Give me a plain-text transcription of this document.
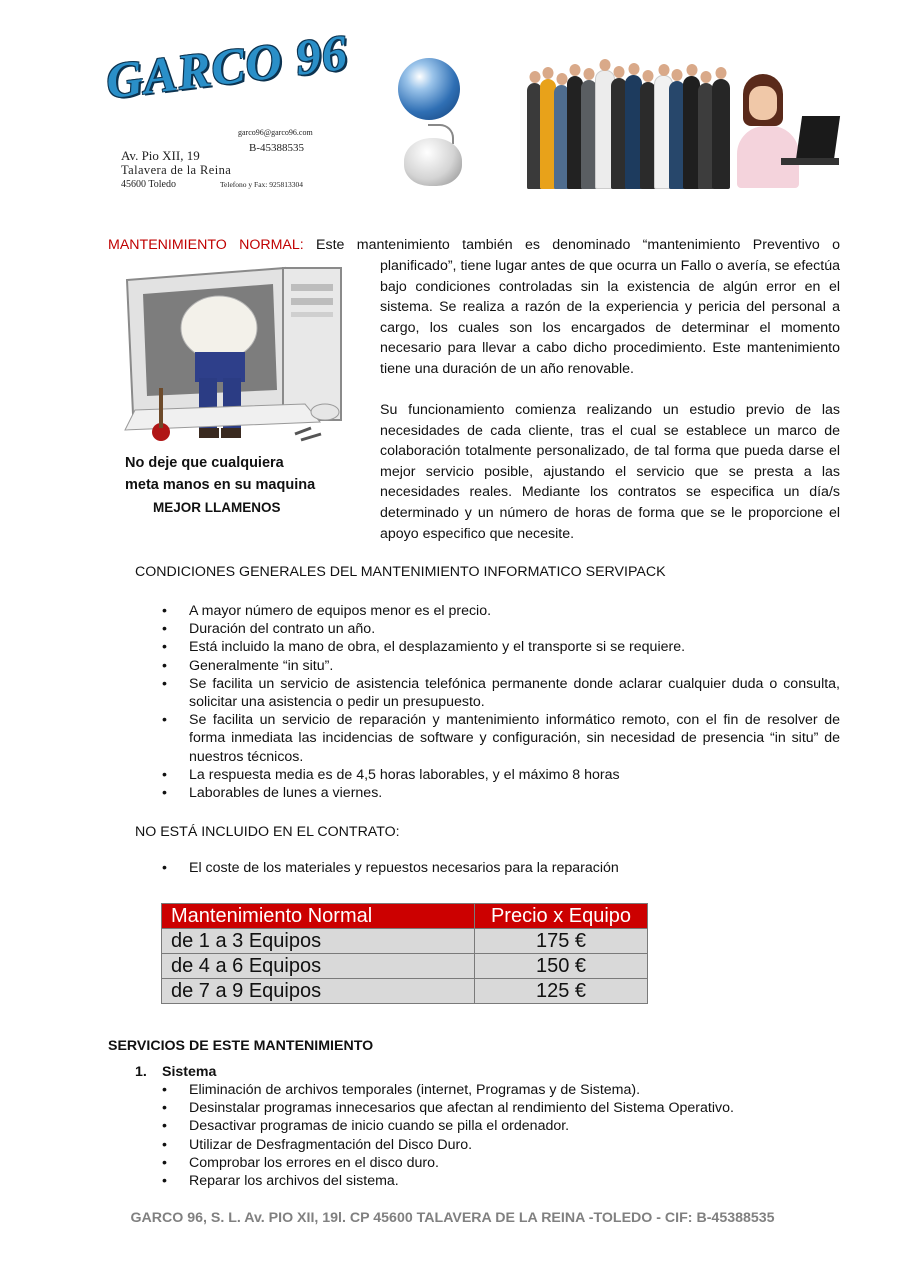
GARCO 96
garco96@garco96.com
B-45388535
Av. Pio XII, 19
Talavera de la Reina
45600 Toledo	Telefono y Fax: 925813304
No deje que cualquiera
meta manos en su maquina
MEJOR LLAMENOS
MANTENIMIENTO NORMAL: Este mantenimiento también es denominado “mantenimiento Preventivo o
planificado”, tiene lugar antes de que ocurra un Fallo o avería, se efectúa bajo condiciones controladas sin la existencia de algún error en el sistema. Se realiza a razón de la experiencia y pericia del personal a cargo, los cuales son los encargados de determinar el momento necesario para llevar a cabo dicho procedimiento. Este mantenimiento tiene una duración de un año renovable.
Su funcionamiento comienza realizando un estudio previo de las necesidades de cada cliente, tras el cual se establece un marco de colaboración totalmente personalizado, de tal forma que pueda darse el mejor servicio posible, ajustando el servicio que se presta a las necesidades reales. Mediante los contratos se especifica un día/s determinado y un número de horas de forma que se le proporcione el apoyo especifico que necesite.
CONDICIONES GENERALES DEL MANTENIMIENTO INFORMATICO SERVIPACK
• A mayor número de equipos menor es el precio.
• Duración del contrato un año.
• Está incluido la mano de obra, el desplazamiento y el transporte si se requiere.
• Generalmente “in situ”.
• Se facilita un servicio de asistencia telefónica permanente donde aclarar cualquier duda o consulta, solicitar una asistencia o pedir un presupuesto.
• Se facilita un servicio de reparación y mantenimiento informático remoto, con el fin de resolver de forma inmediata las incidencias de software y configuración, sin necesidad de presencia “in situ” de nuestros técnicos.
• La respuesta media es de 4,5 horas laborables, y el máximo 8 horas
• Laborables de lunes a viernes.
NO ESTÁ INCLUIDO EN EL CONTRATO:
• El coste de los materiales y repuestos necesarios para la reparación
Mantenimiento Normal	Precio x Equipo
de 1 a 3 Equipos	175 €
de 4 a 6 Equipos	150 €
de 7 a 9 Equipos	125 €
SERVICIOS DE ESTE MANTENIMIENTO
1. Sistema
• Eliminación de archivos temporales (internet, Programas y de Sistema).
• Desinstalar programas innecesarios que afectan al rendimiento del Sistema Operativo.
• Desactivar programas de inicio cuando se pilla el ordenador.
• Utilizar de Desfragmentación del Disco Duro.
• Comprobar los errores en el disco duro.
• Reparar los archivos del sistema.
GARCO 96, S. L. Av. PIO XII, 19l. CP 45600 TALAVERA DE LA REINA -TOLEDO - CIF: B-45388535
